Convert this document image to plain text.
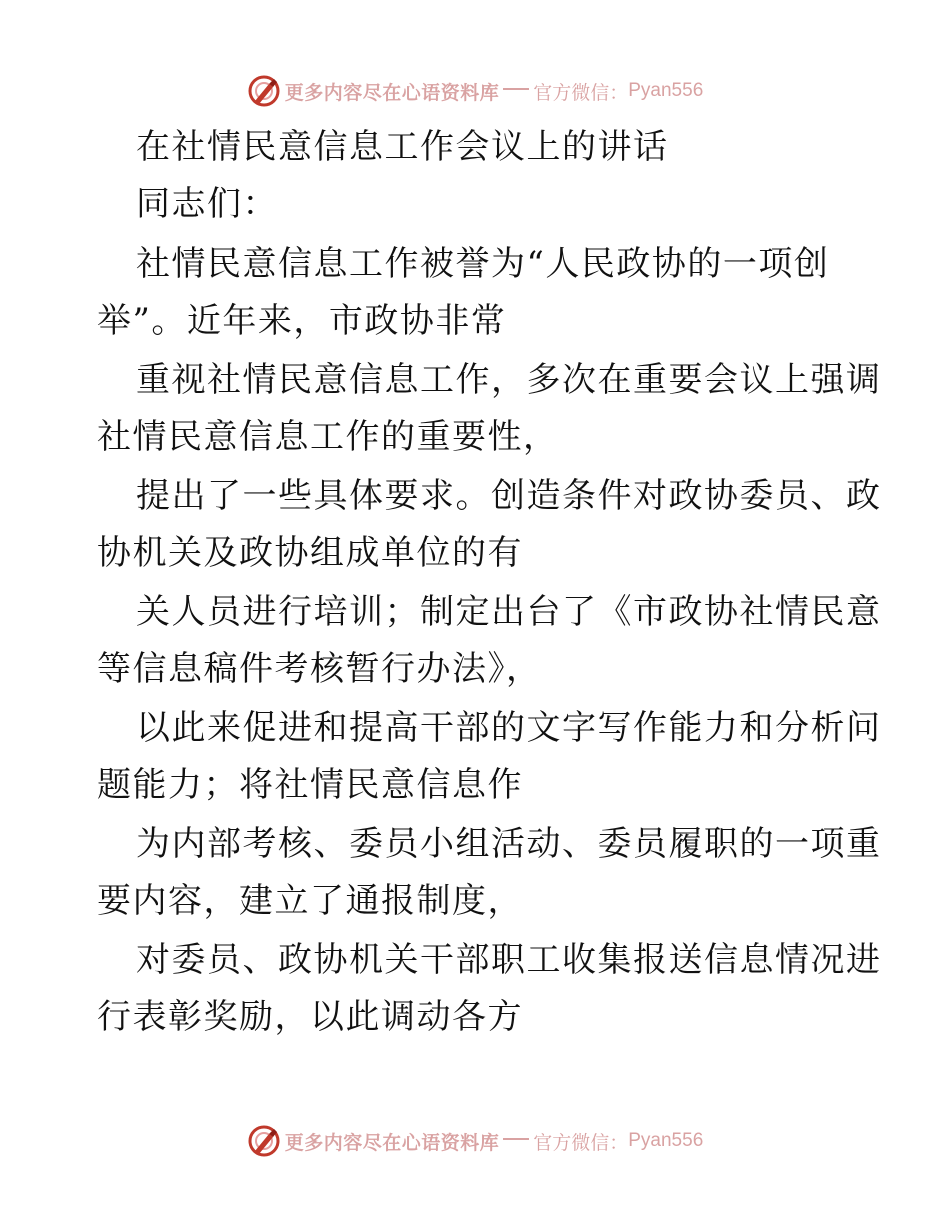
更多内容尽在心语资料库 官方微信： Pyan556
在社情民意信息工作会议上的讲话
同志们：
社情民意信息工作被誉为“人民政协的一项创
举”。近年来，市政协非常
重视社情民意信息工作，多次在重要会议上强调
社情民意信息工作的重要性，
提出了一些具体要求。创造条件对政协委员、政
协机关及政协组成单位的有
关人员进行培训；制定出台了《市政协社情民意
等信息稿件考核暂行办法》，
以此来促进和提高干部的文字写作能力和分析问
题能力；将社情民意信息作
为内部考核、委员小组活动、委员履职的一项重
要内容，建立了通报制度，
对委员、政协机关干部职工收集报送信息情况进
行表彰奖励，以此调动各方
更多内容尽在心语资料库 官方微信： Pyan556
